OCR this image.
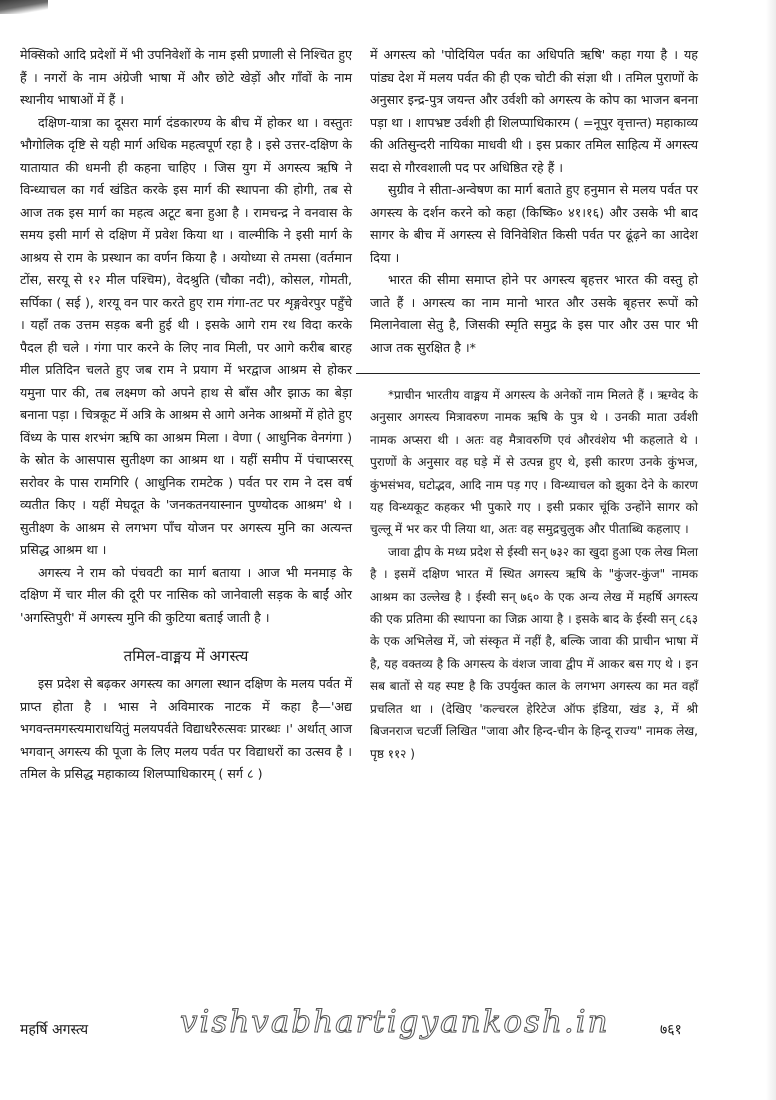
मेक्सिको आदि प्रदेशों में भी उपनिवेशों के नाम इसी प्रणाली से निश्चित हुए हैं । नगरों के नाम अंग्रेजी भाषा में और छोटे खेड़ों और गाँवों के नाम स्थानीय भाषाओं में हैं ।

दक्षिण-यात्रा का दूसरा मार्ग दंडकारण्य के बीच में होकर था । वस्तुतः भौगोलिक दृष्टि से यही मार्ग अधिक महत्वपूर्ण रहा है । इसे उत्तर-दक्षिण के यातायात की धमनी ही कहना चाहिए । जिस युग में अगस्त्य ऋषि ने विन्ध्याचल का गर्व खंडित करके इस मार्ग की स्थापना की होगी, तब से आज तक इस मार्ग का महत्व अटूट बना हुआ है । रामचन्द्र ने वनवास के समय इसी मार्ग से दक्षिण में प्रवेश किया था । वाल्मीकि ने इसी मार्ग के आश्रय से राम के प्रस्थान का वर्णन किया है । अयोध्या से तमसा (वर्तमान टोंस, सरयू से १२ मील पश्चिम), वेदश्रुति (चौका नदी), कोसल, गोमती, सर्पिका ( सई ), शरयू वन पार करते हुए राम गंगा-तट पर शृङ्गवेरपुर पहुँचे । यहाँ तक उत्तम सड़क बनी हुई थी । इसके आगे राम रथ विदा करके पैदल ही चले । गंगा पार करने के लिए नाव मिली, पर आगे करीब बारह मील प्रतिदिन चलते हुए जब राम ने प्रयाग में भरद्वाज आश्रम से होकर यमुना पार की, तब लक्ष्मण को अपने हाथ से बाँस और झाऊ का बेड़ा बनाना पड़ा । चित्रकूट में अत्रि के आश्रम से आगे अनेक आश्रमों में होते हुए विंध्य के पास शरभंग ऋषि का आश्रम मिला । वेणा ( आधुनिक वेनगंगा ) के स्रोत के आसपास सुतीक्ष्ण का आश्रम था । यहीं समीप में पंचाप्सरस् सरोवर के पास रामगिरि ( आधुनिक रामटेक ) पर्वत पर राम ने दस वर्ष व्यतीत किए । यहीं मेघदूत के 'जनकतनयास्नान पुण्योदक आश्रम' थे । सुतीक्ष्ण के आश्रम से लगभग पाँच योजन पर अगस्त्य मुनि का अत्यन्त प्रसिद्ध आश्रम था ।

अगस्त्य ने राम को पंचवटी का मार्ग बताया । आज भी मनमाड़ के दक्षिण में चार मील की दूरी पर नासिक को जानेवाली सड़क के बाईं ओर 'अगस्तिपुरी' में अगस्त्य मुनि की कुटिया बताई जाती है ।

तमिल-वाङ्मय में अगस्त्य

इस प्रदेश से बढ़कर अगस्त्य का अगला स्थान दक्षिण के मलय पर्वत में प्राप्त होता है । भास ने अविमारक नाटक में कहा है—'अद्य भगवन्तमगस्त्यमाराधयितुं मलयपर्वते विद्याधरैरुत्सवः प्रारब्धः ।' अर्थात् आज भगवान् अगस्त्य की पूजा के लिए मलय पर्वत पर विद्याधरों का उत्सव है । तमिल के प्रसिद्ध महाकाव्य शिलप्पाधिकारम् ( सर्ग ८ )

में अगस्त्य को 'पोदियिल पर्वत का अधिपति ऋषि' कहा गया है । यह पांड्य देश में मलय पर्वत की ही एक चोटी की संज्ञा थी । तमिल पुराणों के अनुसार इन्द्र-पुत्र जयन्त और उर्वशी को अगस्त्य के कोप का भाजन बनना पड़ा था । शापभ्रष्ट उर्वशी ही शिलप्पाधिकारम ( =नूपुर वृत्तान्त) महाकाव्य की अतिसुन्दरी नायिका माधवी थी । इस प्रकार तमिल साहित्य में अगस्त्य सदा से गौरवशाली पद पर अधिष्ठित रहे हैं ।

सुग्रीव ने सीता-अन्वेषण का मार्ग बताते हुए हनुमान से मलय पर्वत पर अगस्त्य के दर्शन करने को कहा (किष्कि० ४१।१६) और उसके भी बाद सागर के बीच में अगस्त्य से विनिवेशित किसी पर्वत पर ढूंढ़ने का आदेश दिया ।

भारत की सीमा समाप्त होने पर अगस्त्य बृहत्तर भारत की वस्तु हो जाते हैं । अगस्त्य का नाम मानो भारत और उसके बृहत्तर रूपों को मिलानेवाला सेतु है, जिसकी स्मृति समुद्र के इस पार और उस पार भी आज तक सुरक्षित है ।*

*प्राचीन भारतीय वाङ्मय में अगस्त्य के अनेकों नाम मिलते हैं । ऋग्वेद के अनुसार अगस्त्य मित्रावरुण नामक ऋषि के पुत्र थे । उनकी माता उर्वशी नामक अप्सरा थी । अतः वह मैत्रावरुणि एवं औरवंशेय भी कहलाते थे । पुराणों के अनुसार वह घड़े में से उत्पन्न हुए थे, इसी कारण उनके कुंभज, कुंभसंभव, घटोद्भव, आदि नाम पड़ गए । विन्ध्याचल को झुका देने के कारण यह विन्ध्यकूट कहकर भी पुकारे गए । इसी प्रकार चूंकि उन्होंने सागर को चुल्लू में भर कर पी लिया था, अतः वह समुद्रचुलुक और पीताब्धि कहलाए ।

जावा द्वीप के मध्य प्रदेश से ईस्वी सन् ७३२ का खुदा हुआ एक लेख मिला है । इसमें दक्षिण भारत में स्थित अगस्त्य ऋषि के "कुंजर-कुंज" नामक आश्रम का उल्लेख है । ईस्वी सन् ७६० के एक अन्य लेख में महर्षि अगस्त्य की एक प्रतिमा की स्थापना का जिक्र आया है । इसके बाद के ईस्वी सन् ८६३ के एक अभिलेख में, जो संस्कृत में नहीं है, बल्कि जावा की प्राचीन भाषा में है, यह वक्तव्य है कि अगस्त्य के वंशज जावा द्वीप में आकर बस गए थे । इन सब बातों से यह स्पष्ट है कि उपर्युक्त काल के लगभग अगस्त्य का मत वहाँ प्रचलित था । (देखिए 'कल्चरल हेरिटेज ऑफ इंडिया, खंड ३, में श्री बिजनराज चटर्जी लिखित "जावा और हिन्द-चीन के हिन्दू राज्य" नामक लेख, पृष्ठ ११२ )

vishvabhartigyankosh.in
महर्षि अगस्त्य	७६१
